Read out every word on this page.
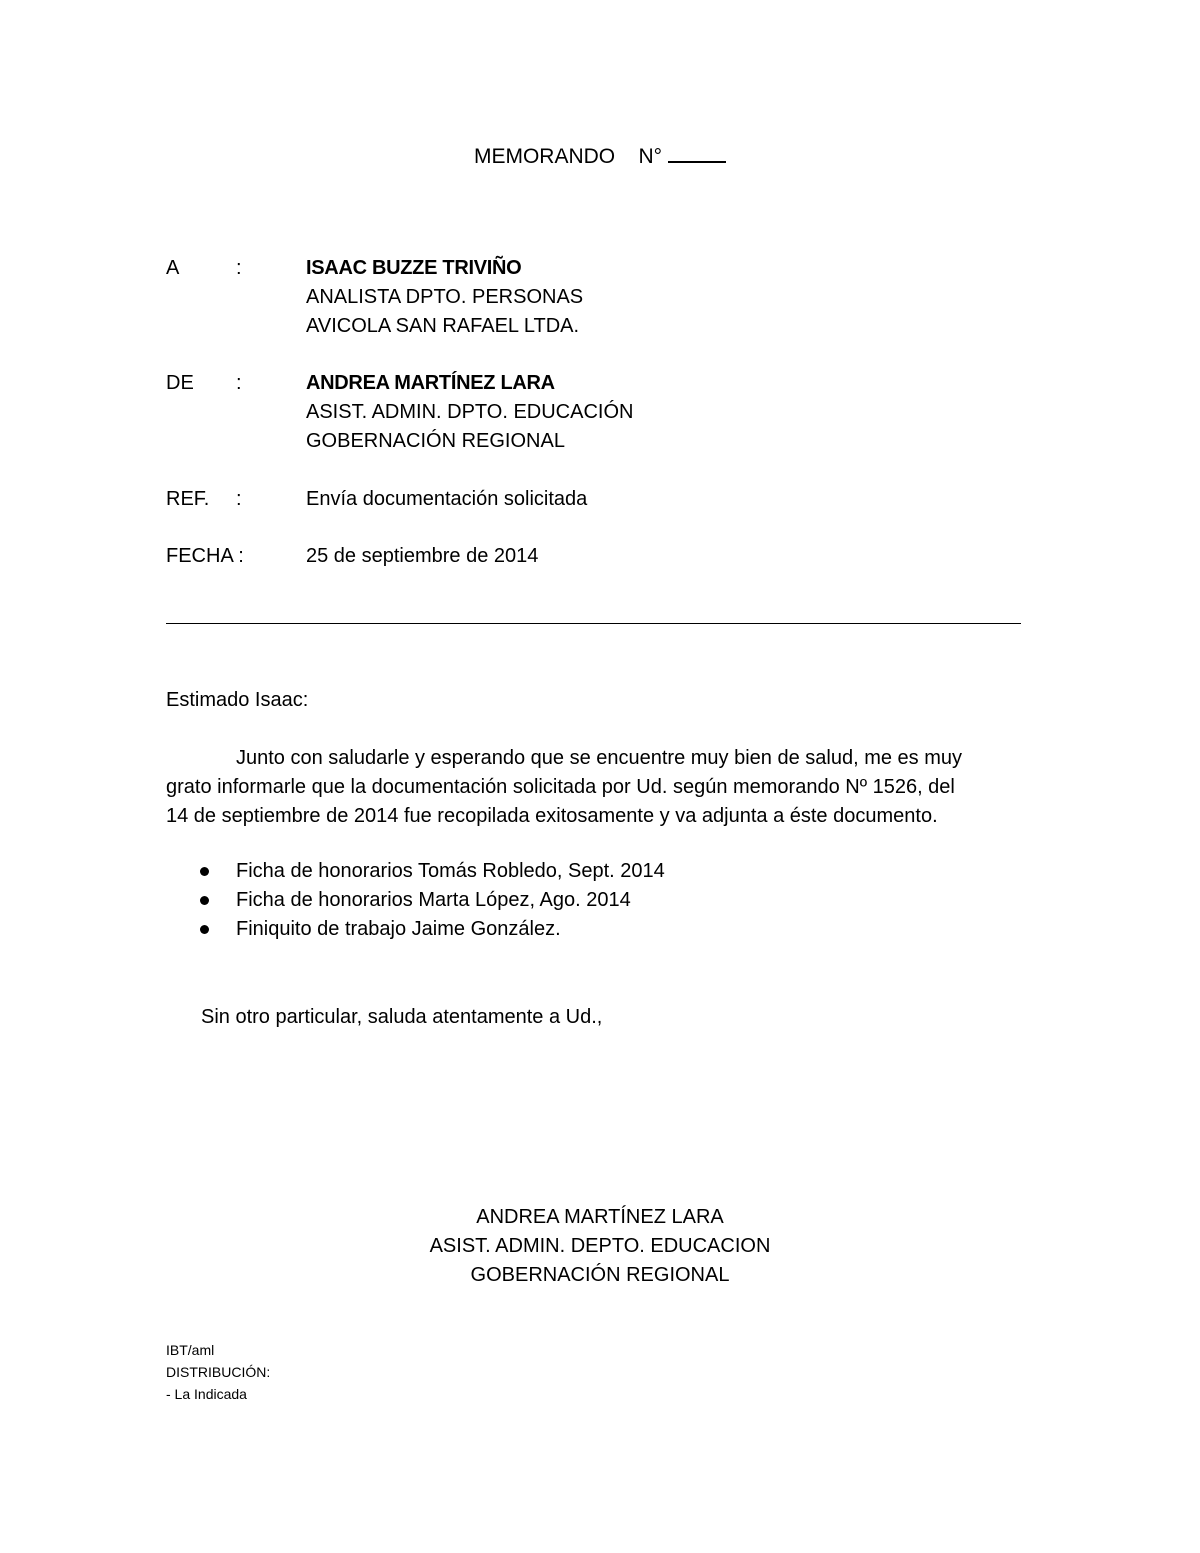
MEMORANDO N°
A	:	ISAAC BUZZE TRIVIÑO
ANALISTA DPTO. PERSONAS
AVICOLA SAN RAFAEL LTDA.
DE :	ANDREA MARTÍNEZ LARA
ASIST. ADMIN. DPTO. EDUCACIÓN
GOBERNACIÓN REGIONAL
REF. :	Envía documentación solicitada
FECHA :	25 de septiembre de 2014
Estimado Isaac:

Junto con saludarle y esperando que se encuentre muy bien de salud, me es muy

grato informarle que la documentación solicitada por Ud. según memorando Nº 1526, del

14 de septiembre de 2014 fue recopilada exitosamente y va adjunta a éste documento.

Ficha de honorarios Tomás Robledo, Sept. 2014
Ficha de honorarios Marta López, Ago. 2014
Finiquito de trabajo Jaime González.
Sin otro particular, saluda atentamente a Ud.,
ANDREA MARTÍNEZ LARA
ASIST. ADMIN. DEPTO. EDUCACION
GOBERNACIÓN REGIONAL
IBT/aml
DISTRIBUCIÓN:
- La Indicada
